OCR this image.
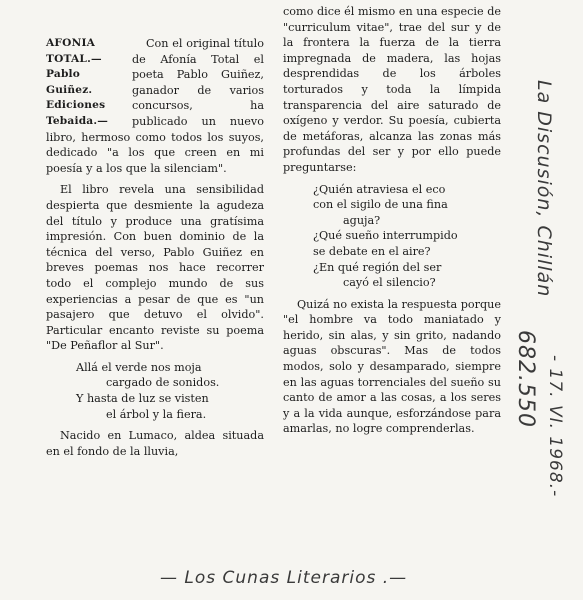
AFONIA
TOTAL.—
Pablo
Guiñez.
Ediciones
Tebaida.—

Con el original título de Afonía Total el poeta Pablo Guiñez, ganador de varios concursos, ha publicado un nuevo libro, hermoso como todos los suyos, dedicado "a los que creen en mi poesía y a los que la silenciam".

El libro revela una sensibilidad despierta que desmiente la agudeza del título y produce una gratísima impresión. Con buen dominio de la técnica del verso, Pablo Guiñez en breves poemas nos hace recorrer todo el complejo mundo de sus experiencias a pesar de que es "un pasajero que detuvo el olvido". Particular encanto reviste su poema "De Peñaflor al Sur".

Allá el verde nos moja
cargado de sonidos.
Y hasta de luz se visten
el árbol y la fiera.

Nacido en Lumaco, aldea situada en el fondo de la lluvia,

como dice él mismo en una especie de "curriculum vitae", trae del sur y de la frontera la fuerza de la tierra impregnada de madera, las hojas desprendidas de los árboles torturados y toda la límpida transparencia del aire saturado de oxígeno y verdor. Su poesía, cubierta de metáforas, alcanza las zonas más profundas del ser y por ello puede preguntarse:

¿Quién atraviesa el eco
con el sigilo de una fina
aguja?
¿Qué sueño interrumpido
se debate en el aire?
¿En qué región del ser
cayó el silencio?

Quizá no exista la respuesta porque "el hombre va todo maniatado y herido, sin alas, y sin grito, nadando aguas obscuras". Mas de todos modos, solo y desamparado, siempre en las aguas torrenciales del sueño su canto de amor a las cosas, a los seres y a la vida aunque, esforzándose para amarlas, no logre comprenderlas.

La Discusión, Chillán
682.550 - 17. VI. 1968.-
— Los Cunas Literarios .—
